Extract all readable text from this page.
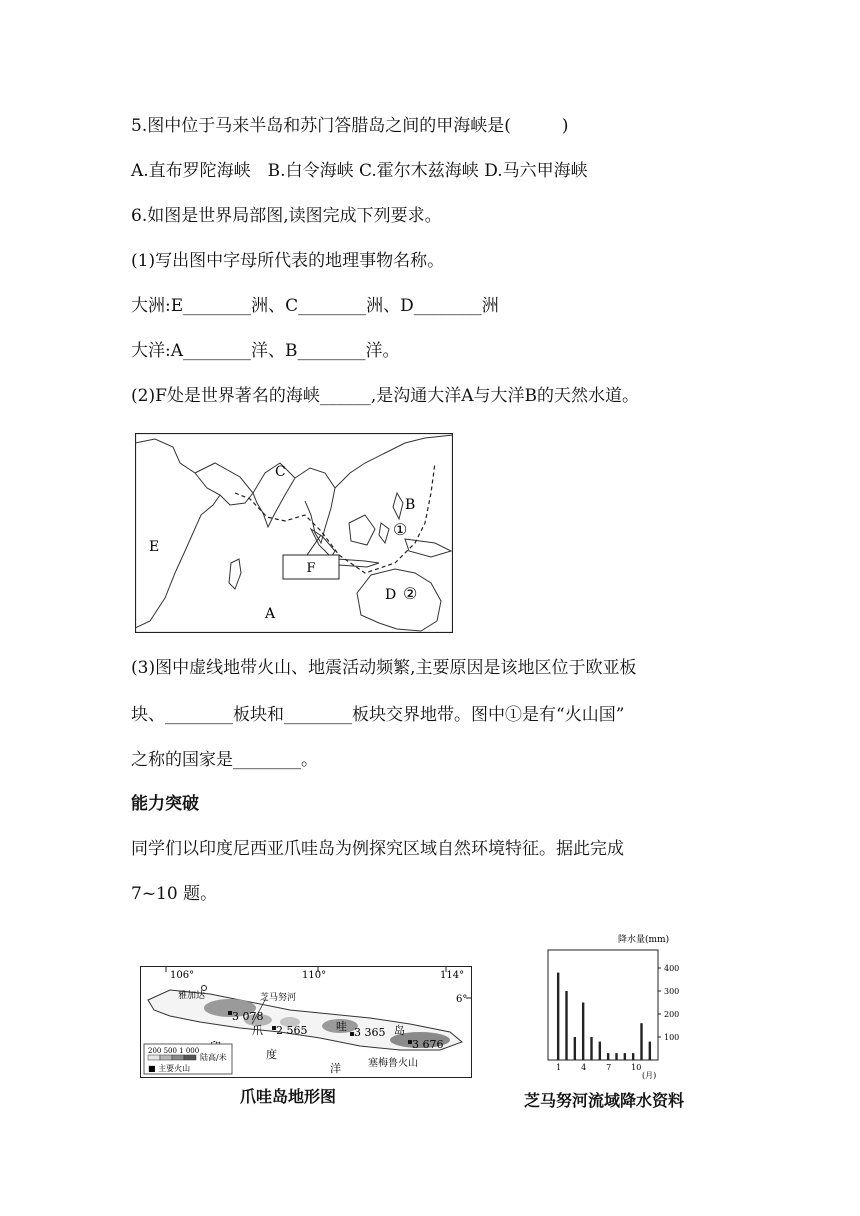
5.图中位于马来半岛和苏门答腊岛之间的甲海峡是(　　　)
A.直布罗陀海峡　B.白令海峡 C.霍尔木兹海峡 D.马六甲海峡
6.如图是世界局部图,读图完成下列要求。
(1)写出图中字母所代表的地理事物名称。
大洲:E________洲、C________洲、D________洲
大洋:A________洋、B________洋。
(2)F处是世界著名的海峡______,是沟通大洋A与大洋B的天然水道。
F
C
B
E
D
A
①
②
(3)图中虚线地带火山、地震活动频繁,主要原因是该地区位于欧亚板
块、________板块和________板块交界地带。图中①是有“火山国”
之称的国家是________。
能力突破
同学们以印度尼西亚爪哇岛为例探究区域自然环境特征。据此完成
7~10 题。
106°	110°	114°
6°
雅加达	芝马努河
3 078
2 565	3 365
3 676
爪	哇	岛
度
洋	塞梅鲁火山
200 500 1 000
陆高/米
■ 主要火山
爪哇岛地形图
降水量(mm)
100
200
300
400
1 4 7 10
(月)
芝马努河流域降水资料
